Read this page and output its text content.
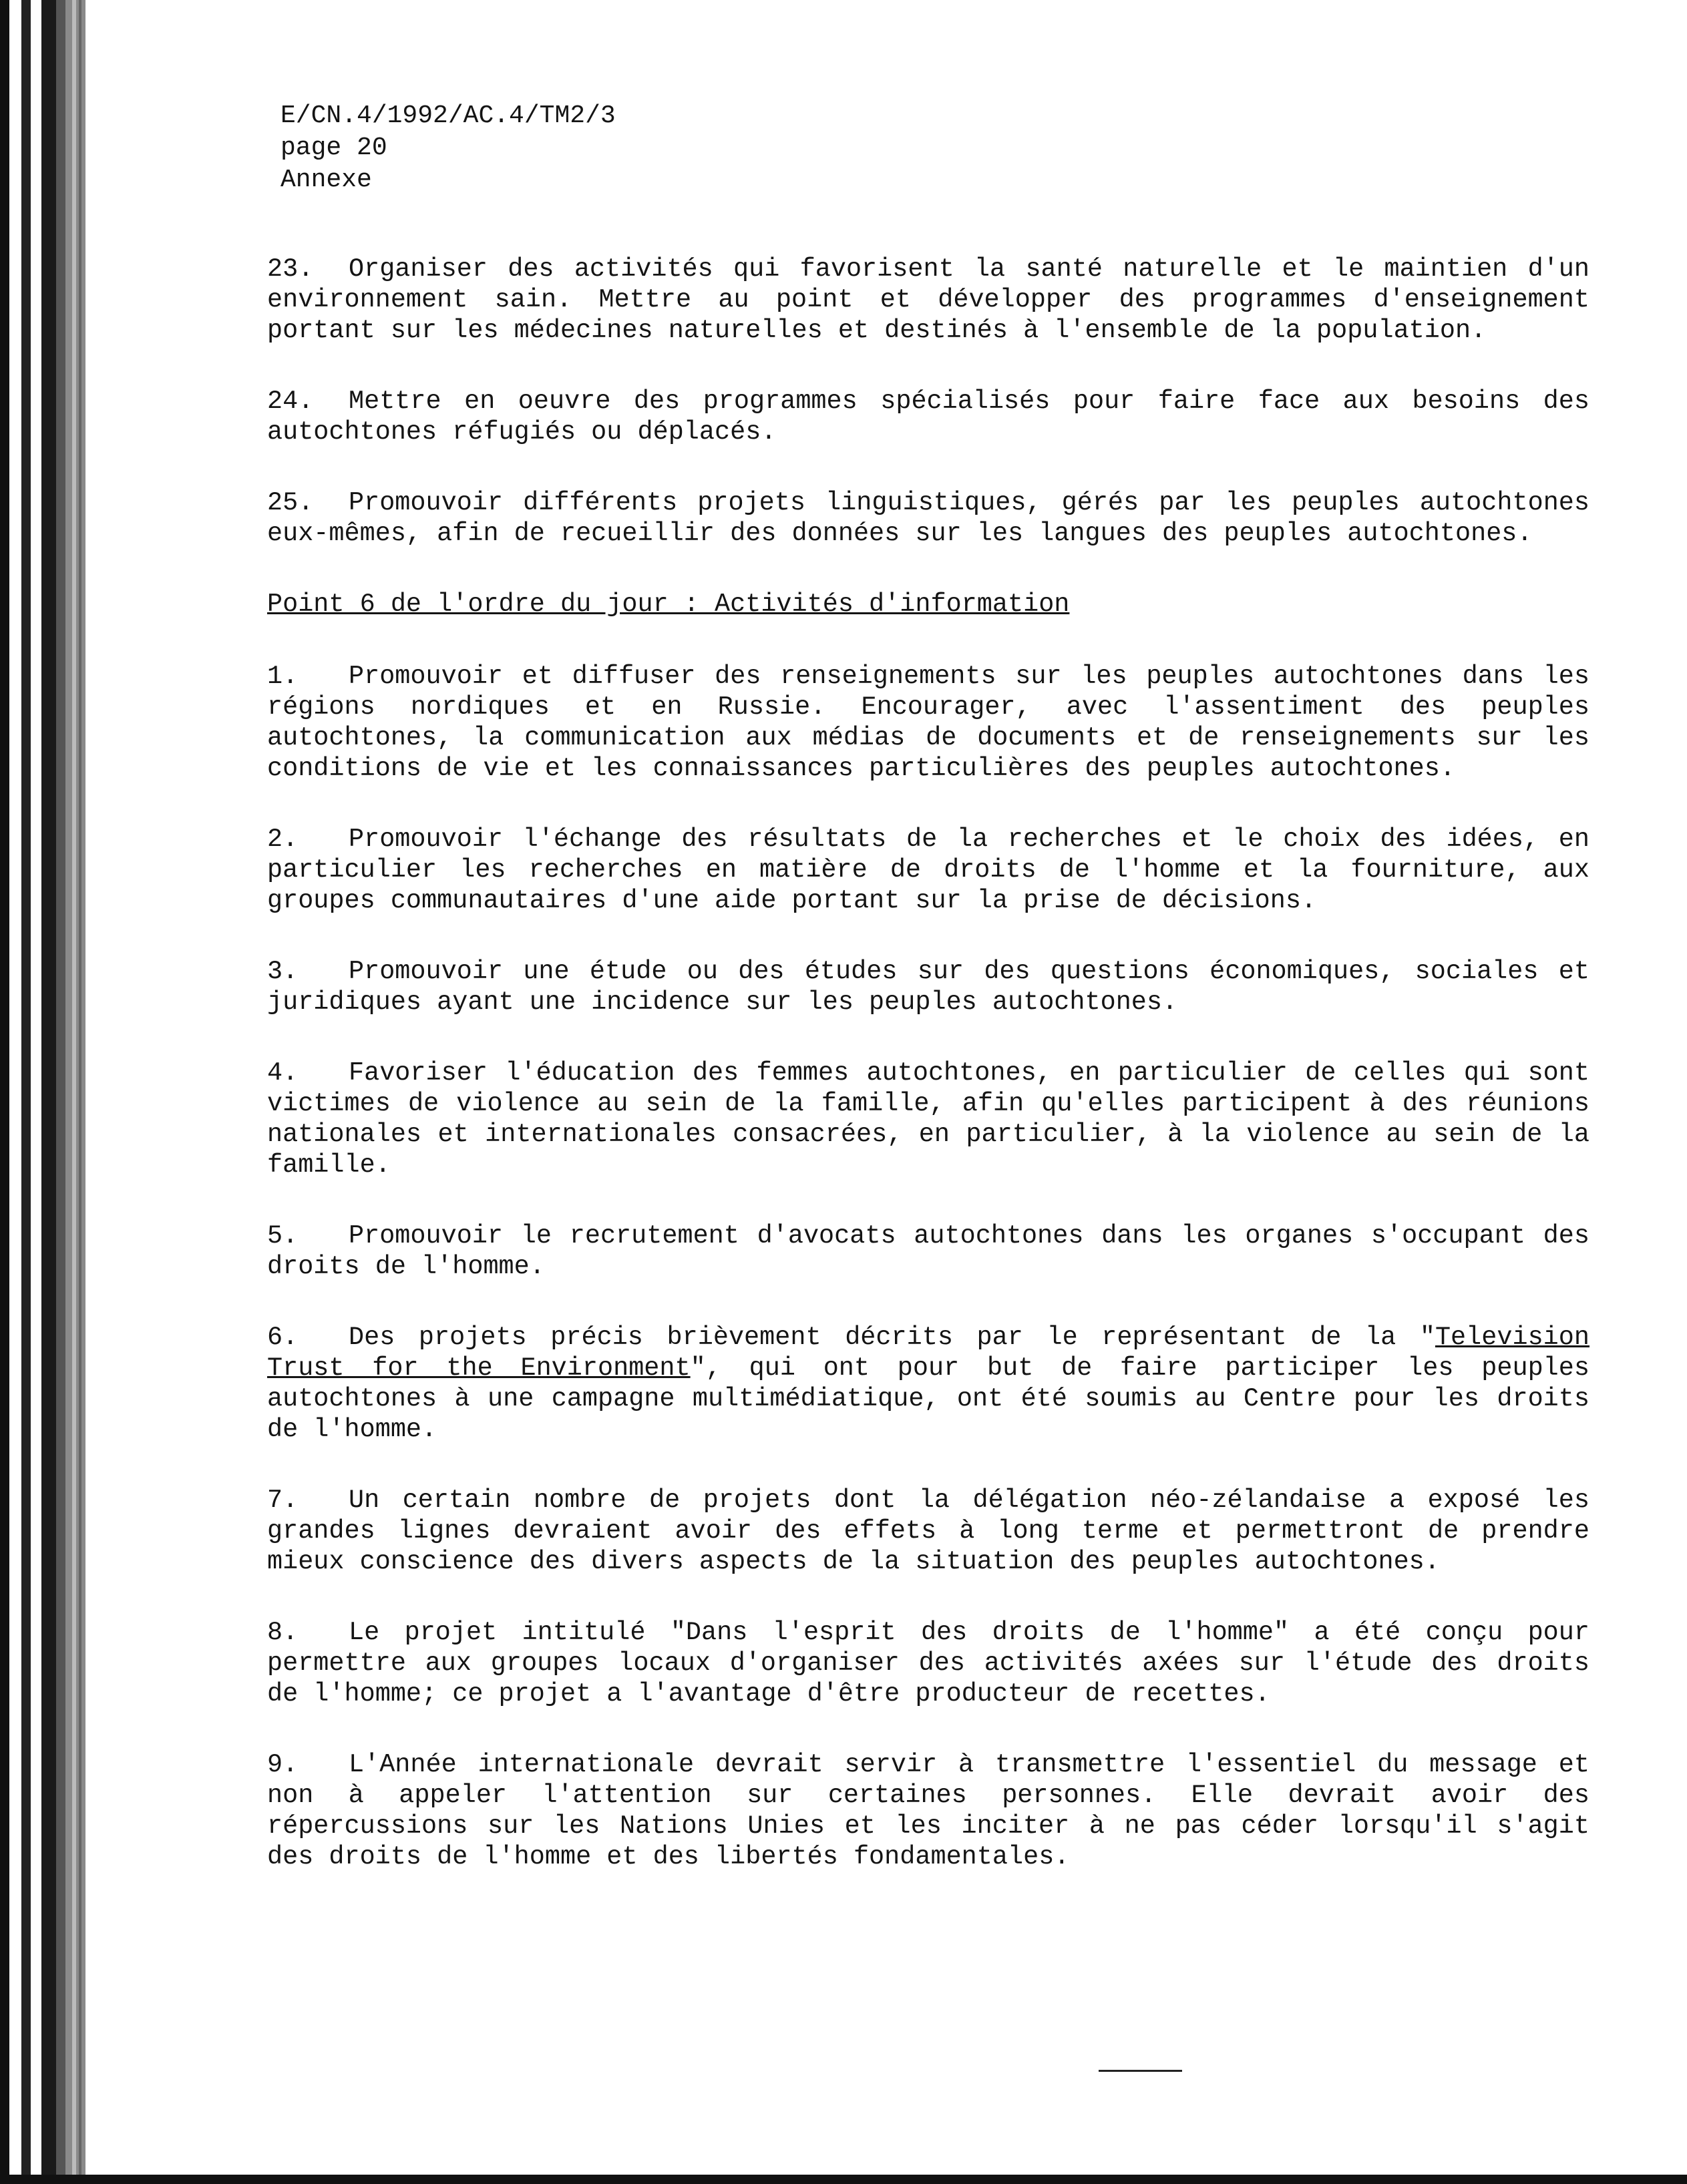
E/CN.4/1992/AC.4/TM2/3
page 20
Annexe

23. Organiser des activités qui favorisent la santé naturelle et le maintien d'un environnement sain. Mettre au point et développer des programmes d'enseignement portant sur les médecines naturelles et destinés à l'ensemble de la population.

24. Mettre en oeuvre des programmes spécialisés pour faire face aux besoins des autochtones réfugiés ou déplacés.

25. Promouvoir différents projets linguistiques, gérés par les peuples autochtones eux-mêmes, afin de recueillir des données sur les langues des peuples autochtones.

Point 6 de l'ordre du jour : Activités d'information

1. Promouvoir et diffuser des renseignements sur les peuples autochtones dans les régions nordiques et en Russie. Encourager, avec l'assentiment des peuples autochtones, la communication aux médias de documents et de renseignements sur les conditions de vie et les connaissances particulières des peuples autochtones.

2. Promouvoir l'échange des résultats de la recherches et le choix des idées, en particulier les recherches en matière de droits de l'homme et la fourniture, aux groupes communautaires d'une aide portant sur la prise de décisions.

3. Promouvoir une étude ou des études sur des questions économiques, sociales et juridiques ayant une incidence sur les peuples autochtones.

4. Favoriser l'éducation des femmes autochtones, en particulier de celles qui sont victimes de violence au sein de la famille, afin qu'elles participent à des réunions nationales et internationales consacrées, en particulier, à la violence au sein de la famille.

5. Promouvoir le recrutement d'avocats autochtones dans les organes s'occupant des droits de l'homme.

6. Des projets précis brièvement décrits par le représentant de la "Television Trust for the Environment", qui ont pour but de faire participer les peuples autochtones à une campagne multimédiatique, ont été soumis au Centre pour les droits de l'homme.

7. Un certain nombre de projets dont la délégation néo-zélandaise a exposé les grandes lignes devraient avoir des effets à long terme et permettront de prendre mieux conscience des divers aspects de la situation des peuples autochtones.

8. Le projet intitulé "Dans l'esprit des droits de l'homme" a été conçu pour permettre aux groupes locaux d'organiser des activités axées sur l'étude des droits de l'homme; ce projet a l'avantage d'être producteur de recettes.

9. L'Année internationale devrait servir à transmettre l'essentiel du message et non à appeler l'attention sur certaines personnes. Elle devrait avoir des répercussions sur les Nations Unies et les inciter à ne pas céder lorsqu'il s'agit des droits de l'homme et des libertés fondamentales.
